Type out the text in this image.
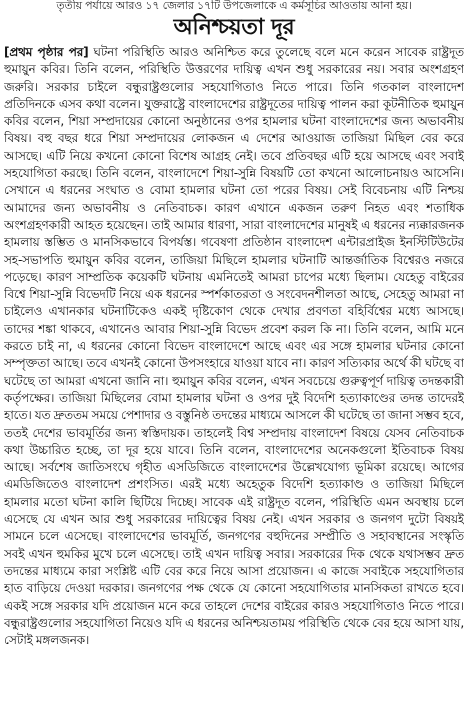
তৃতীয় পর্যায়ে আরও ১৭ জেলার ১৭টি উপজেলাকে এ কর্মসূচির আওতায় আনা হয়।
অনিশ্চয়তা দূর
[প্রথম পৃষ্ঠার পর] ঘটনা পরিস্থিতি আরও অনিশ্চিত করে তুলেছে বলে মনে করেন সাবেক রাষ্ট্রদূত হুমায়ুন কবির। তিনি বলেন, পরিস্থিতি উত্তরণের দায়িত্ব এখন শুধু সরকারের নয়। সবার অংশগ্রহণ জরুরি। সরকার চাইলে বন্ধুরাষ্ট্রগুলোর সহযোগিতাও নিতে পারে। তিনি গতকাল বাংলাদেশ প্রতিদিনকে এসব কথা বলেন। যুক্তরাষ্ট্রে বাংলাদেশের রাষ্ট্রদূতের দায়িত্ব পালন করা কূটনীতিক হুমায়ুন কবির বলেন, শিয়া সম্প্রদায়ের কোনো অনুষ্ঠানের ওপর হামলার ঘটনা বাংলাদেশের জন্য অভাবনীয় বিষয়। বহু বছর ধরে শিয়া সম্প্রদায়ের লোকজন এ দেশের আওয়াজ তাজিয়া মিছিল বের করে আসছে। এটি নিয়ে কখনো কোনো বিশেষ আগ্রহ নেই। তবে প্রতিবছর এটি হয়ে আসছে এবং সবাই সহযোগিতা করছে। তিনি বলেন, বাংলাদেশে শিয়া-সুন্নি বিষয়টি তো কখনো আলোচনায়ও আসেনি। সেখানে এ ধরনের সংঘাত ও বোমা হামলার ঘটনা তো পরের বিষয়। সেই বিবেচনায় এটি নিশ্চয় আমাদের জন্য অভাবনীয় ও নেতিবাচক। কারণ এখানে একজন তরুণ নিহত এবং শতাধিক অংশগ্রহণকারী আহত হয়েছেন। তাই আমার ধারণা, সারা বাংলাদেশের মানুষই এ ধরনের ন্যক্কারজনক হামলায় স্তম্ভিত ও মানসিকভাবে বিপর্যস্ত। গবেষণা প্রতিষ্ঠান বাংলাদেশ এন্টারপ্রাইজ ইনস্টিটিউটের সহ-সভাপতি হুমায়ুন কবির বলেন, তাজিয়া মিছিলে হামলার ঘটনাটি আন্তর্জাতিক বিশ্বেরও নজরে পড়েছে। কারণ সাম্প্রতিক কয়েকটি ঘটনায় এমনিতেই আমরা চাপের মধ্যে ছিলাম। যেহেতু বাইরের বিশ্বে শিয়া-সুন্নি বিভেদটি নিয়ে এক ধরনের স্পর্শকাতরতা ও সংবেদনশীলতা আছে, সেহেতু আমরা না চাইলেও এখানকার ঘটনাটিকেও একই দৃষ্টিকোণ থেকে দেখার প্রবণতা বহির্বিশ্বের মধ্যে আসছে। তাদের শঙ্কা থাকবে, এখানেও আবার শিয়া-সুন্নি বিভেদ প্রবেশ করল কি না। তিনি বলেন, আমি মনে করতে চাই না, এ ধরনের কোনো বিভেদ বাংলাদেশে আছে এবং এর সঙ্গে হামলার ঘটনার কোনো সম্পৃক্ততা আছে। তবে এখনই কোনো উপসংহারে যাওয়া যাবে না। কারণ সত্যিকার অর্থে কী ঘটছে বা ঘটেছে তা আমরা এখনো জানি না। হুমায়ুন কবির বলেন, এখন সবচেয়ে গুরুত্বপূর্ণ দায়িত্ব তদন্তকারী কর্তৃপক্ষের। তাজিয়া মিছিলের বোমা হামলার ঘটনা ও ওপর দুই বিদেশি হত্যাকাণ্ডের তদন্ত তাদেরই হাতে। যত দ্রুততম সময়ে পেশাদার ও বস্তুনিষ্ঠ তদন্তের মাধ্যমে আসলে কী ঘটেছে তা জানা সম্ভব হবে, ততই দেশের ভাবমূর্তির জন্য স্বস্তিদায়ক। তাহলেই বিশ্ব সম্প্রদায় বাংলাদেশ বিষয়ে যেসব নেতিবাচক কথা উচ্চারিত হচ্ছে, তা দূর হয়ে যাবে। তিনি বলেন, বাংলাদেশের অনেকগুলো ইতিবাচক বিষয় আছে। সর্বশেষ জাতিসংঘে গৃহীত এসডিজিতে বাংলাদেশের উল্লেখযোগ্য ভূমিকা রয়েছে। আগের এমডিজিতেও বাংলাদেশ প্রশংসিত। এরই মধ্যে অহেতুক বিদেশি হত্যাকাণ্ড ও তাজিয়া মিছিলে হামলার মতো ঘটনা কালি ছিটিয়ে দিচ্ছে। সাবেক এই রাষ্ট্রদূত বলেন, পরিস্থিতি এমন অবস্থায় চলে এসেছে যে এখন আর শুধু সরকারের দায়িত্বের বিষয় নেই। এখন সরকার ও জনগণ দুটো বিষয়ই সামনে চলে এসেছে। বাংলাদেশের ভাবমূর্তি, জনগণের বহুদিনের সম্প্রীতি ও সহাবস্থানের সংস্কৃতি সবই এখন হুমকির মুখে চলে এসেছে। তাই এখন দায়িত্ব সবার। সরকারের দিক থেকে যথাসম্ভব দ্রুত তদন্তের মাধ্যমে কারা সংশ্লিষ্ট এটি বের করে নিয়ে আসা প্রয়োজন। এ কাজে সবাইকে সহযোগিতার হাত বাড়িয়ে দেওয়া দরকার। জনগণের পক্ষ থেকে যে কোনো সহযোগিতার মানসিকতা রাখতে হবে। একই সঙ্গে সরকার যদি প্রয়োজন মনে করে তাহলে দেশের বাইরের কারও সহযোগিতাও নিতে পারে। বন্ধুরাষ্ট্রগুলোর সহযোগিতা নিয়েও যদি এ ধরনের অনিশ্চয়তাময় পরিস্থিতি থেকে বের হয়ে আসা যায়, সেটাই মঙ্গলজনক।
